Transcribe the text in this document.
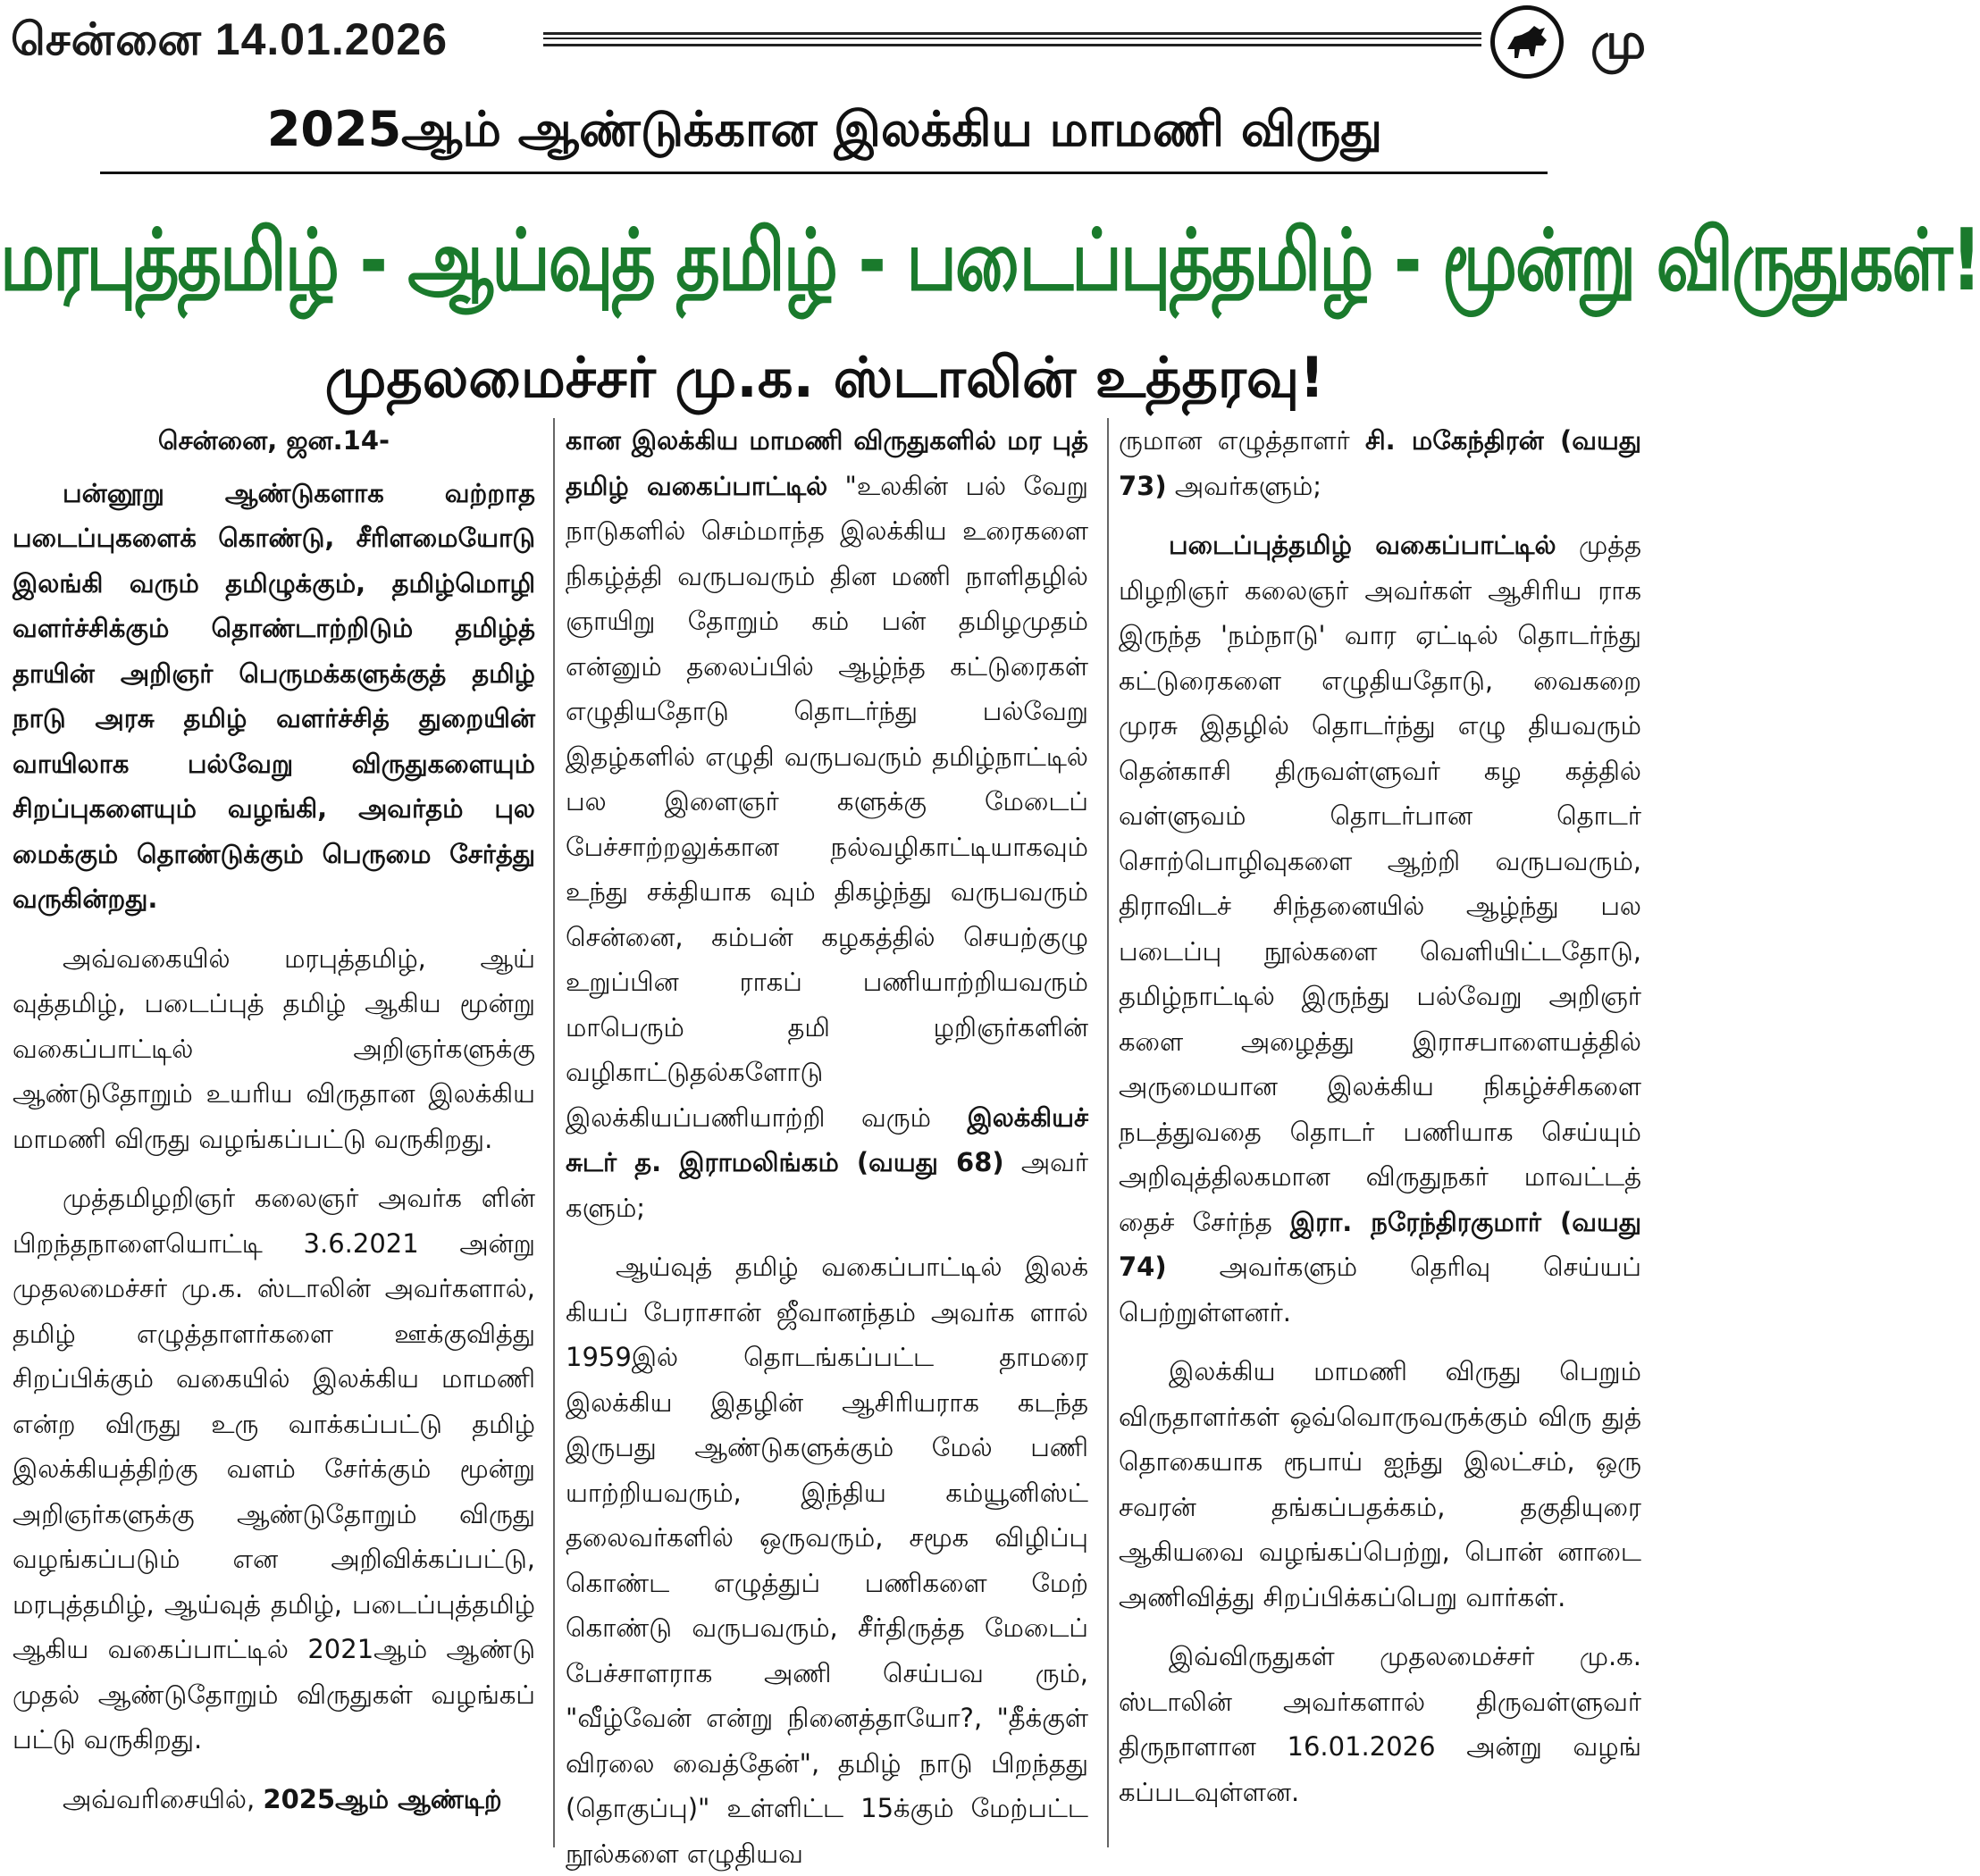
சென்னை 14.01.2026	மு
2025ஆம் ஆண்டுக்கான இலக்கிய மாமணி விருது
மரபுத்தமிழ் - ஆய்வுத் தமிழ் - படைப்புத்தமிழ் - மூன்று விருதுகள்!
முதலமைச்சர் மு.க. ஸ்டாலின் உத்தரவு!

சென்னை, ஜன.14-

பன்னூறு ஆண்டுகளாக வற்றாத படைப்புகளைக் கொண்டு, சீரிளமையோடு இலங்கி வரும் தமிழுக்கும், தமிழ்மொழி வளர்ச்சிக்கும் தொண்டாற்றிடும் தமிழ்த் தாயின் அறிஞர் பெருமக்களுக்குத் தமிழ் நாடு அரசு தமிழ் வளர்ச்சித் துறையின் வாயிலாக பல்வேறு விருதுகளையும் சிறப்புகளையும் வழங்கி, அவர்தம் புல மைக்கும் தொண்டுக்கும் பெருமை சேர்த்து வருகின்றது.

அவ்வகையில் மரபுத்தமிழ், ஆய் வுத்தமிழ், படைப்புத் தமிழ் ஆகிய மூன்று வகைப்பாட்டில் அறிஞர்களுக்கு ஆண்டுதோறும் உயரிய விருதான இலக்கிய மாமணி விருது வழங்கப்பட்டு வருகிறது.

முத்தமிழறிஞர் கலைஞர் அவர்க ளின் பிறந்தநாளையொட்டி 3.6.2021 அன்று முதலமைச்சர் மு.க. ஸ்டாலின் அவர்களால், தமிழ் எழுத்தாளர்களை ஊக்குவித்து சிறப்பிக்கும் வகையில் இலக்கிய மாமணி என்ற விருது உரு வாக்கப்பட்டு தமிழ் இலக்கியத்திற்கு வளம் சேர்க்கும் மூன்று அறிஞர்களுக்கு ஆண்டுதோறும் விருது வழங்கப்படும் என அறிவிக்கப்பட்டு, மரபுத்தமிழ், ஆய்வுத் தமிழ், படைப்புத்தமிழ் ஆகிய வகைப்பாட்டில் 2021ஆம் ஆண்டு முதல் ஆண்டுதோறும் விருதுகள் வழங்கப் பட்டு வருகிறது.

அவ்வரிசையில், 2025ஆம் ஆண்டிற்

கான இலக்கிய மாமணி விருதுகளில் மர புத் தமிழ் வகைப்பாட்டில் "உலகின் பல் வேறு நாடுகளில் செம்மாந்த இலக்கிய உரைகளை நிகழ்த்தி வருபவரும் தின மணி நாளிதழில் ஞாயிறு தோறும் கம் பன் தமிழமுதம் என்னும் தலைப்பில் ஆழ்ந்த கட்டுரைகள் எழுதியதோடு தொடர்ந்து பல்வேறு இதழ்களில் எழுதி வருபவரும் தமிழ்நாட்டில் பல இளைஞர் களுக்கு மேடைப் பேச்சாற்றலுக்கான நல்வழிகாட்டியாகவும் உந்து சக்தியாக வும் திகழ்ந்து வருபவரும் சென்னை, கம்பன் கழகத்தில் செயற்குழு உறுப்பின ராகப் பணியாற்றியவரும் மாபெரும் தமி ழறிஞர்களின் வழிகாட்டுதல்களோடு இலக்கியப்பணியாற்றி வரும் இலக்கியச் சுடர் த. இராமலிங்கம் (வயது 68) அவர் களும்;

ஆய்வுத் தமிழ் வகைப்பாட்டில் இலக் கியப் பேராசான் ஜீவானந்தம் அவர்க ளால் 1959இல் தொடங்கப்பட்ட தாமரை இலக்கிய இதழின் ஆசிரியராக கடந்த இருபது ஆண்டுகளுக்கும் மேல் பணி யாற்றியவரும், இந்திய கம்யூனிஸ்ட் தலைவர்களில் ஒருவரும், சமூக விழிப்பு கொண்ட எழுத்துப் பணிகளை மேற் கொண்டு வருபவரும், சீர்திருத்த மேடைப் பேச்சாளராக அணி செய்பவ ரும், "வீழ்வேன் என்று நினைத்தாயோ?, "தீக்குள் விரலை வைத்தேன்", தமிழ் நாடு பிறந்தது (தொகுப்பு)" உள்ளிட்ட 15க்கும் மேற்பட்ட நூல்களை எழுதியவ

ருமான எழுத்தாளர் சி. மகேந்திரன் (வயது 73) அவர்களும்;

படைப்புத்தமிழ் வகைப்பாட்டில் முத்த மிழறிஞர் கலைஞர் அவர்கள் ஆசிரிய ராக இருந்த 'நம்நாடு' வார ஏட்டில் தொடர்ந்து கட்டுரைகளை எழுதியதோடு, வைகறை முரசு இதழில் தொடர்ந்து எழு தியவரும் தென்காசி திருவள்ளுவர் கழ கத்தில் வள்ளுவம் தொடர்பான தொடர் சொற்பொழிவுகளை ஆற்றி வருபவரும், திராவிடச் சிந்தனையில் ஆழ்ந்து பல படைப்பு நூல்களை வெளியிட்டதோடு, தமிழ்நாட்டில் இருந்து பல்வேறு அறிஞர் களை அழைத்து இராசபாளையத்தில் அருமையான இலக்கிய நிகழ்ச்சிகளை நடத்துவதை தொடர் பணியாக செய்யும் அறிவுத்திலகமான விருதுநகர் மாவட்டத் தைச் சேர்ந்த இரா. நரேந்திரகுமார் (வயது 74) அவர்களும் தெரிவு செய்யப் பெற்றுள்ளனர்.

இலக்கிய மாமணி விருது பெறும் விருதாளர்கள் ஒவ்வொருவருக்கும் விரு துத் தொகையாக ரூபாய் ஐந்து இலட்சம், ஒரு சவரன் தங்கப்பதக்கம், தகுதியுரை ஆகியவை வழங்கப்பெற்று, பொன் னாடை அணிவித்து சிறப்பிக்கப்பெறு வார்கள்.

இவ்விருதுகள் முதலமைச்சர் மு.க. ஸ்டாலின் அவர்களால் திருவள்ளுவர் திருநாளான 16.01.2026 அன்று வழங் கப்படவுள்ளன.
